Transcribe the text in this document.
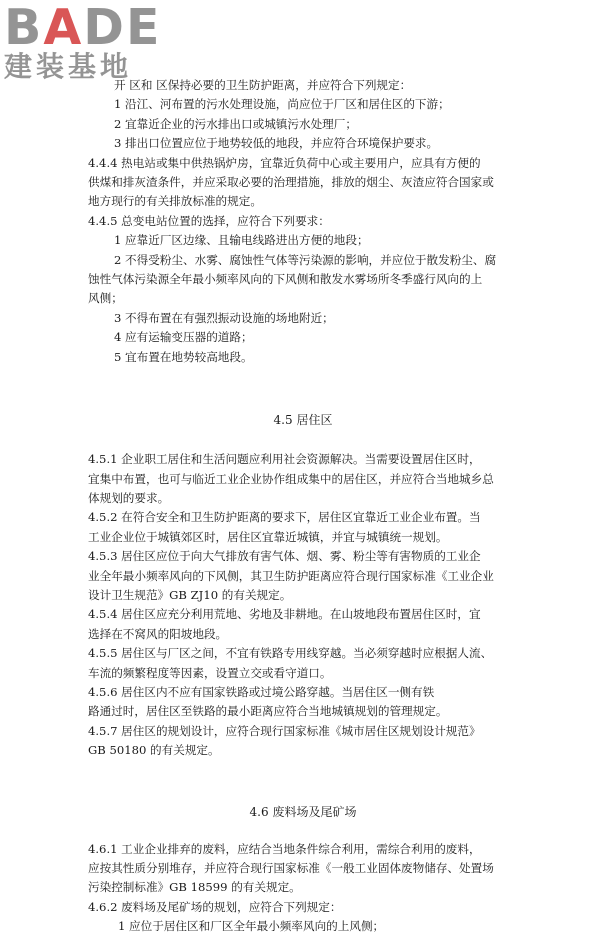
BADE
建装基地
开 区和 区保持必要的卫生防护距离，并应符合下列规定：
1 沿江、河布置的污水处理设施，尚应位于厂区和居住区的下游；
2 宜靠近企业的污水排出口或城镇污水处理厂；
3 排出口位置应位于地势较低的地段，并应符合环境保护要求。
4.4.4 热电站或集中供热锅炉房，宜靠近负荷中心或主要用户，应具有方便的
供煤和排灰渣条件，并应采取必要的治理措施，排放的烟尘、灰渣应符合国家或
地方现行的有关排放标准的规定。
4.4.5 总变电站位置的选择，应符合下列要求：
1 应靠近厂区边缘、且输电线路进出方便的地段；
2 不得受粉尘、水雾、腐蚀性气体等污染源的影响，并应位于散发粉尘、腐
蚀性气体污染源全年最小频率风向的下风侧和散发水雾场所冬季盛行风向的上
风侧；
3 不得布置在有强烈振动设施的场地附近；
4 应有运输变压器的道路；
5 宜布置在地势较高地段。
4.5 居住区
4.5.1 企业职工居住和生活问题应利用社会资源解决。当需要设置居住区时，
宜集中布置，也可与临近工业企业协作组成集中的居住区，并应符合当地城乡总
体规划的要求。
4.5.2 在符合安全和卫生防护距离的要求下，居住区宜靠近工业企业布置。当
工业企业位于城镇郊区时，居住区宜靠近城镇，并宜与城镇统一规划。
4.5.3 居住区应位于向大气排放有害气体、烟、雾、粉尘等有害物质的工业企
业全年最小频率风向的下风侧，其卫生防护距离应符合现行国家标准《工业企业
设计卫生规范》GB ZJ10 的有关规定。
4.5.4 居住区应充分利用荒地、劣地及非耕地。在山坡地段布置居住区时，宜
选择在不窝风的阳坡地段。
4.5.5 居住区与厂区之间，不宜有铁路专用线穿越。当必须穿越时应根据人流、
车流的频繁程度等因素，设置立交或看守道口。
4.5.6 居住区内不应有国家铁路或过境公路穿越。当居住区一侧有铁
路通过时，居住区至铁路的最小距离应符合当地城镇规划的管理规定。
4.5.7 居住区的规划设计，应符合现行国家标准《城市居住区规划设计规范》
GB 50180 的有关规定。
4.6 废料场及尾矿场
4.6.1 工业企业排弃的废料，应结合当地条件综合利用，需综合利用的废料，
应按其性质分别堆存，并应符合现行国家标准《一般工业固体废物储存、处置场
污染控制标准》GB 18599 的有关规定。
4.6.2 废料场及尾矿场的规划，应符合下列规定：
1 应位于居住区和厂区全年最小频率风向的上风侧；
